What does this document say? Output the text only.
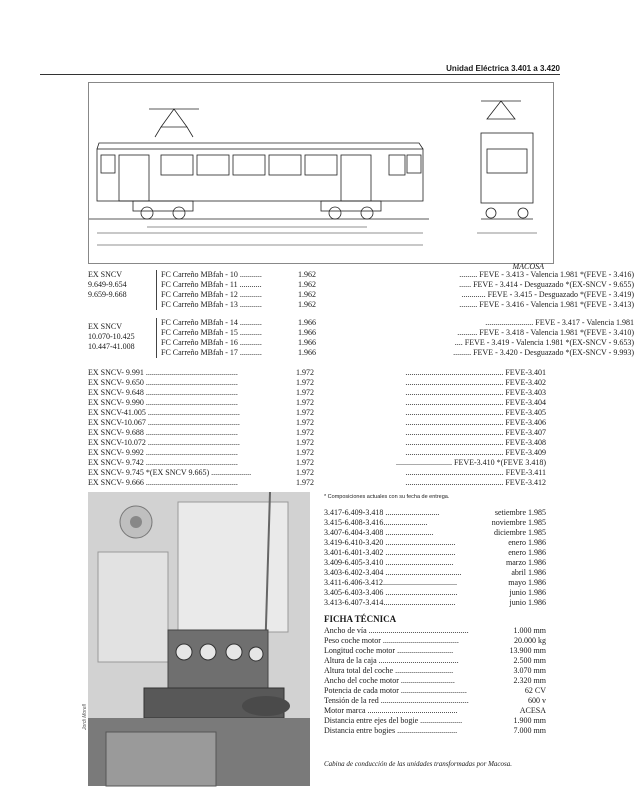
Unidad Eléctrica 3.401 a 3.420
MACOSA
EX SNCV
9.649-9.654
9.659-9.668
FC Carreño MBfah - 10 ...........	1.962	......... FEVE - 3.413 - Valencia 1.981 *(FEVE - 3.416)
FC Carreño MBfah - 11 ...........	1.962	...... FEVE - 3.414 - Desguazado *(EX-SNCV - 9.655)
FC Carreño MBfah - 12 ...........	1.962	............ FEVE - 3.415 - Desguazado *(FEVE - 3.419)
FC Carreño MBfah - 13 ...........	1.962	......... FEVE - 3.416 - Valencia 1.981 *(FEVE - 3.413)
EX SNCV
10.070-10.425
10.447-41.008
FC Carreño MBfah - 14 ...........	1.966	........................ FEVE - 3.417 - Valencia 1.981
FC Carreño MBfah - 15 ...........	1.966	.......... FEVE - 3.418 - Valencia 1.981 *(FEVE - 3.410)
FC Carreño MBfah - 16 ...........	1.966	.... FEVE - 3.419 - Valencia 1.981 *(EX-SNCV - 9.653)
FC Carreño MBfah - 17 ...........	1.966	......... FEVE - 3.420 - Desguazado *(EX-SNCV - 9.993)
EX SNCV- 9.991 ..............................................	1.972	................................................. FEVE-3.401
EX SNCV- 9.650 ..............................................	1.972	................................................. FEVE-3.402
EX SNCV- 9.648 ..............................................	1.972	................................................. FEVE-3.403
EX SNCV- 9.990 ..............................................	1.972	................................................. FEVE-3.404
EX SNCV-41.005 ..............................................	1.972	................................................. FEVE-3.405
EX SNCV-10.067 ..............................................	1.972	................................................. FEVE-3.406
EX SNCV- 9.688 ..............................................	1.972	................................................. FEVE-3.407
EX SNCV-10.072 ..............................................	1.972	................................................. FEVE-3.408
EX SNCV- 9.992 ..............................................	1.972	................................................. FEVE-3.409
EX SNCV- 9.742 ..............................................	1.972	............................ FEVE-3.410 *(FEVE 3.418)
EX SNCV- 9.745 *(EX SNCV 9.665) ....................	1.972	................................................. FEVE-3.411
EX SNCV- 9.666 ..............................................	1.972	................................................. FEVE-3.412
Jordi Morell
* Composiciones actuales con su fecha de entrega.
3.417-6.409-3.418 ...........................	setiembre 1.985
3.415-6.408-3.416......................	noviembre 1.985
3.407-6.404-3.408 ........................	diciembre 1.985
3.419-6.410-3.420 ...................................	enero 1.986
3.401-6.401-3.402 ...................................	enero 1.986
3.409-6.405-3.410 ..................................	marzo 1.986
3.403-6.402-3.404 ......................................	abril 1.986
3.411-6.406-3.412.....................................	mayo 1.986
3.405-6.403-3.406 ....................................	junio 1.986
3.413-6.407-3.414....................................	junio 1.986
FICHA TÉCNICA
Ancho de vía ..................................................	1.000 mm
Peso coche motor ......................................	20.000 kg
Longitud coche motor ............................	13.900 mm
Altura de la caja ........................................	2.500 mm
Altura total del coche .............................	3.070 mm
Ancho del coche motor ...........................	2.320 mm
Potencia de cada motor .................................	62 CV
Tensión de la red ............................................	600 v
Motor marca .............................................	ACESA
Distancia entre ejes del bogie .....................	1.900 mm
Distancia entre bogies ..............................	7.000 mm
Cabina de conducción de las unidades transformadas por Macosa.
